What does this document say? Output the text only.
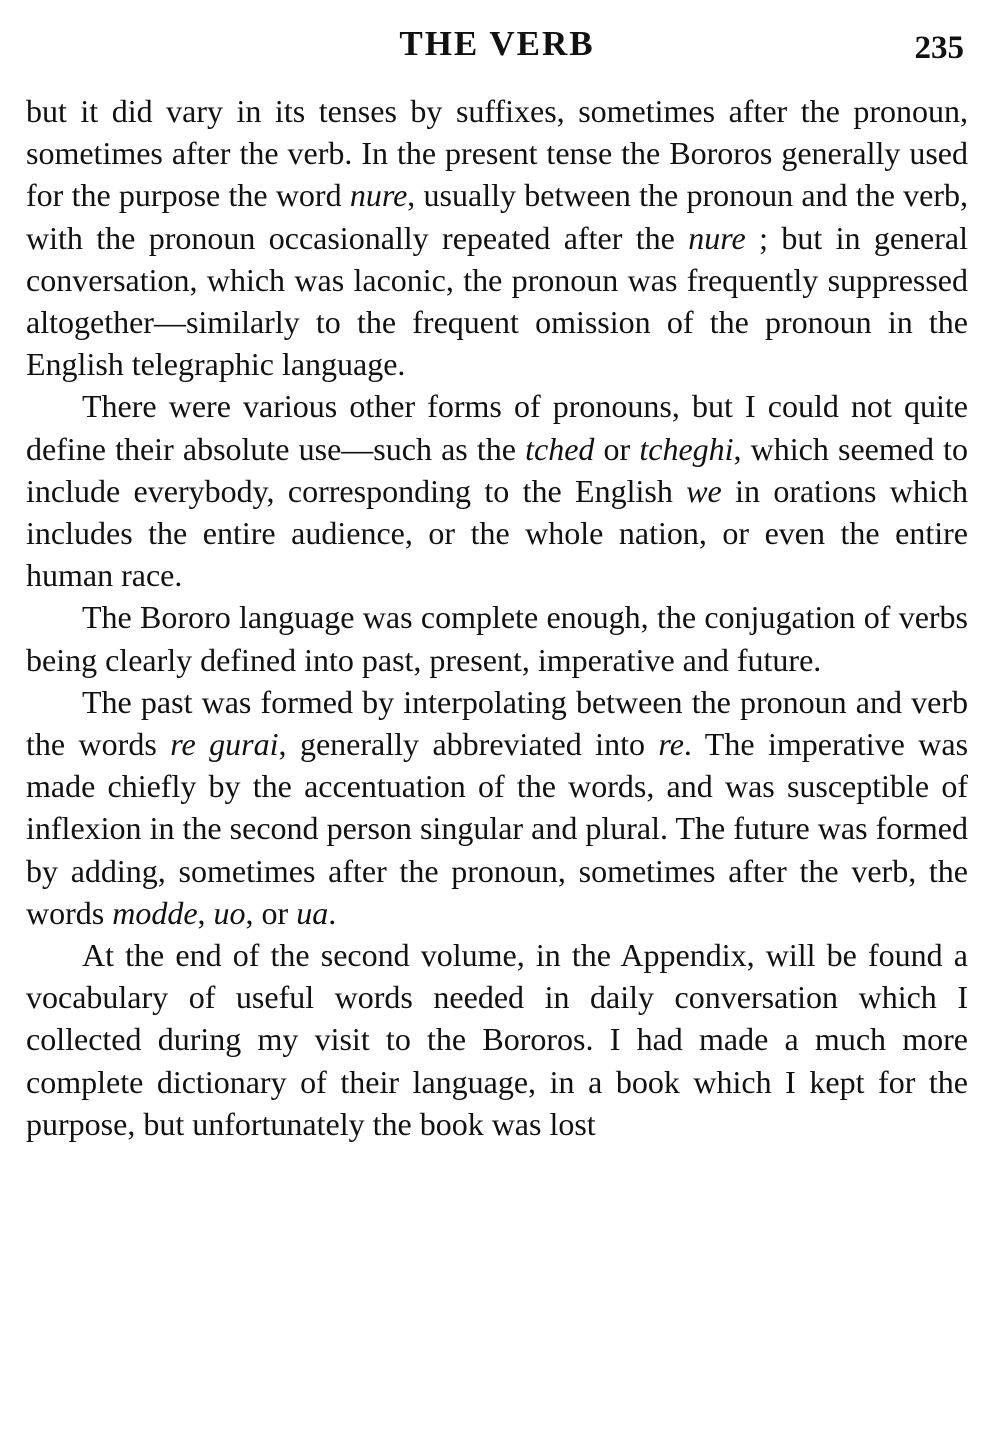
THE VERB	235

but it did vary in its tenses by suffixes, sometimes after the pronoun, sometimes after the verb. In the present tense the Bororos generally used for the purpose the word nure, usually between the pronoun and the verb, with the pronoun occasionally repeated after the nure ; but in general conversation, which was laconic, the pronoun was frequently suppressed altogether—similarly to the frequent omission of the pronoun in the English telegraphic language.

There were various other forms of pronouns, but I could not quite define their absolute use—such as the tched or tcheghi, which seemed to include everybody, corresponding to the English we in orations which includes the entire audience, or the whole nation, or even the entire human race.

The Bororo language was complete enough, the conjugation of verbs being clearly defined into past, present, imperative and future.

The past was formed by interpolating between the pronoun and verb the words re gurai, generally abbreviated into re. The imperative was made chiefly by the accentuation of the words, and was susceptible of inflexion in the second person singular and plural. The future was formed by adding, sometimes after the pronoun, sometimes after the verb, the words modde, uo, or ua.

At the end of the second volume, in the Appendix, will be found a vocabulary of useful words needed in daily conversation which I collected during my visit to the Bororos. I had made a much more complete dictionary of their language, in a book which I kept for the purpose, but unfortunately the book was lost
